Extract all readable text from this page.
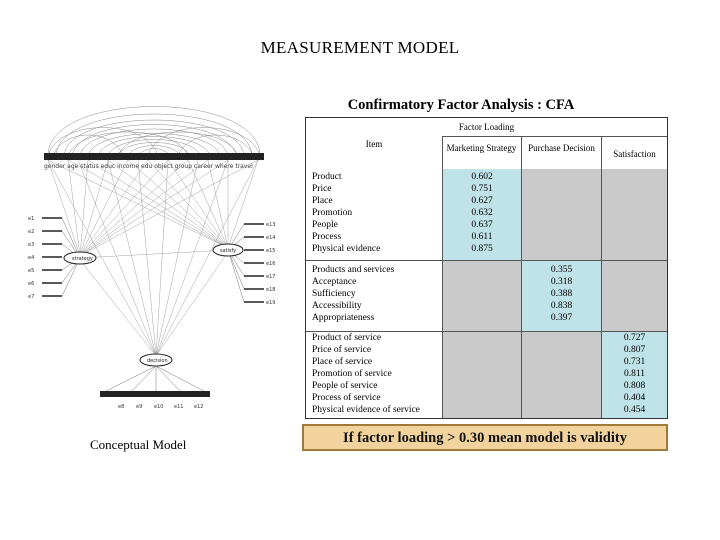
MEASUREMENT MODEL
Confirmatory Factor Analysis : CFA
gender age status educ income edu object group career where travel
e1
e2
e3
e4
e5
e6
e7
strategy
e13
e14
e15
e16
e17
e18
e19
satisfy
decision
e8 e9 e10 e11 e12
Conceptual Model
Factor Loading
Item	Marketing Strategy	Purchase Decision
Satisfaction
Product
Price
Place
Promotion
People
Process
Physical evidence
0.602
0.751
0.627
0.632
0.637
0.611
0.875
Products and services
Acceptance
Sufficiency
Accessibility
Appropriateness
0.355
0.318
0.388
0.838
0.397
Product of service
Price of service
Place of service
Promotion of service
People of service
Process of service
Physical evidence of service
0.727
0.807
0.731
0.811
0.808
0.404
0.454
If factor loading > 0.30 mean model is validity
